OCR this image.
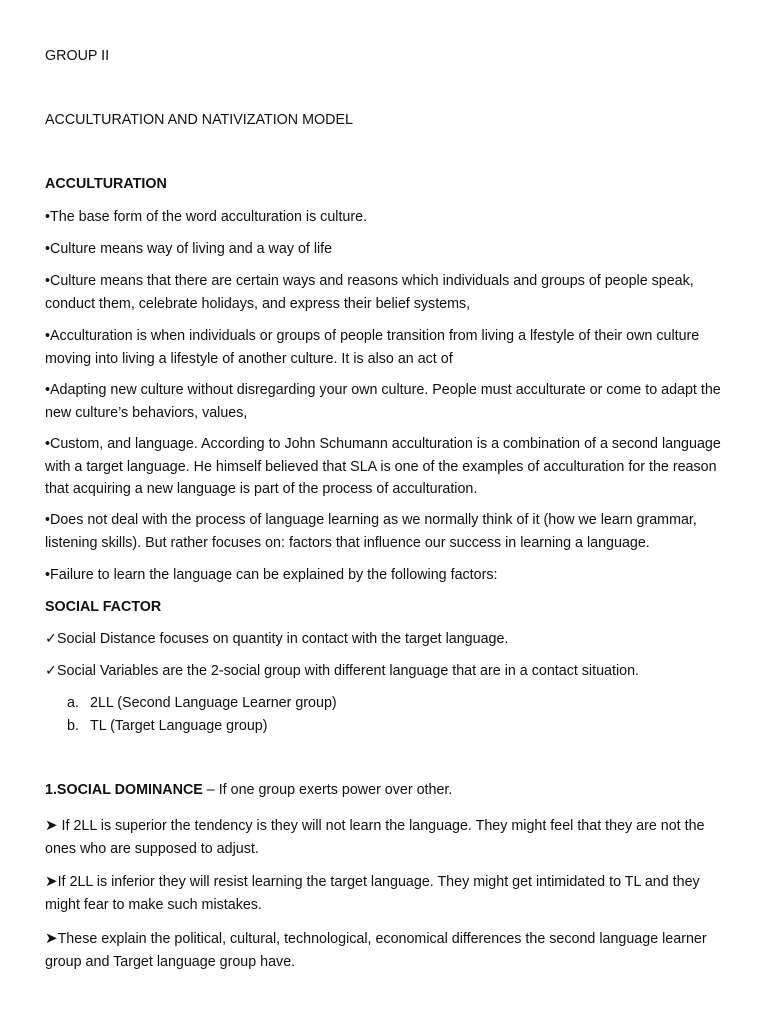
GROUP II
ACCULTURATION AND NATIVIZATION MODEL
ACCULTURATION
•The base form of the word acculturation is culture.
•Culture means way of living and a way of life
•Culture means that there are certain ways and reasons which individuals and groups of people speak, conduct them, celebrate holidays, and express their belief systems,
•Acculturation is when individuals or groups of people transition from living a lfestyle of their own culture moving into living a lifestyle of another culture. It is also an act of
•Adapting new culture without disregarding your own culture. People must acculturate or come to adapt the new culture’s behaviors, values,
•Custom, and language. According to John Schumann acculturation is a combination of a second language with a target language. He himself believed that SLA is one of the examples of acculturation for the reason that acquiring a new language is part of the process of acculturation.
•Does not deal with the process of language learning as we normally think of it (how we learn grammar, listening skills). But rather focuses on: factors that influence our success in learning a language.
•Failure to learn the language can be explained by the following factors:
SOCIAL FACTOR
✓Social Distance focuses on quantity in contact with the target language.
✓Social Variables are the 2-social group with different language that are in a contact situation.
a. 2LL (Second Language Learner group)
b. TL (Target Language group)
1.SOCIAL DOMINANCE – If one group exerts power over other.
➤ If 2LL is superior the tendency is they will not learn the language. They might feel that they are not the ones who are supposed to adjust.
➤If 2LL is inferior they will resist learning the target language. They might get intimidated to TL and they might fear to make such mistakes.
➤These explain the political, cultural, technological, economical differences the second language learner group and Target language group have.
